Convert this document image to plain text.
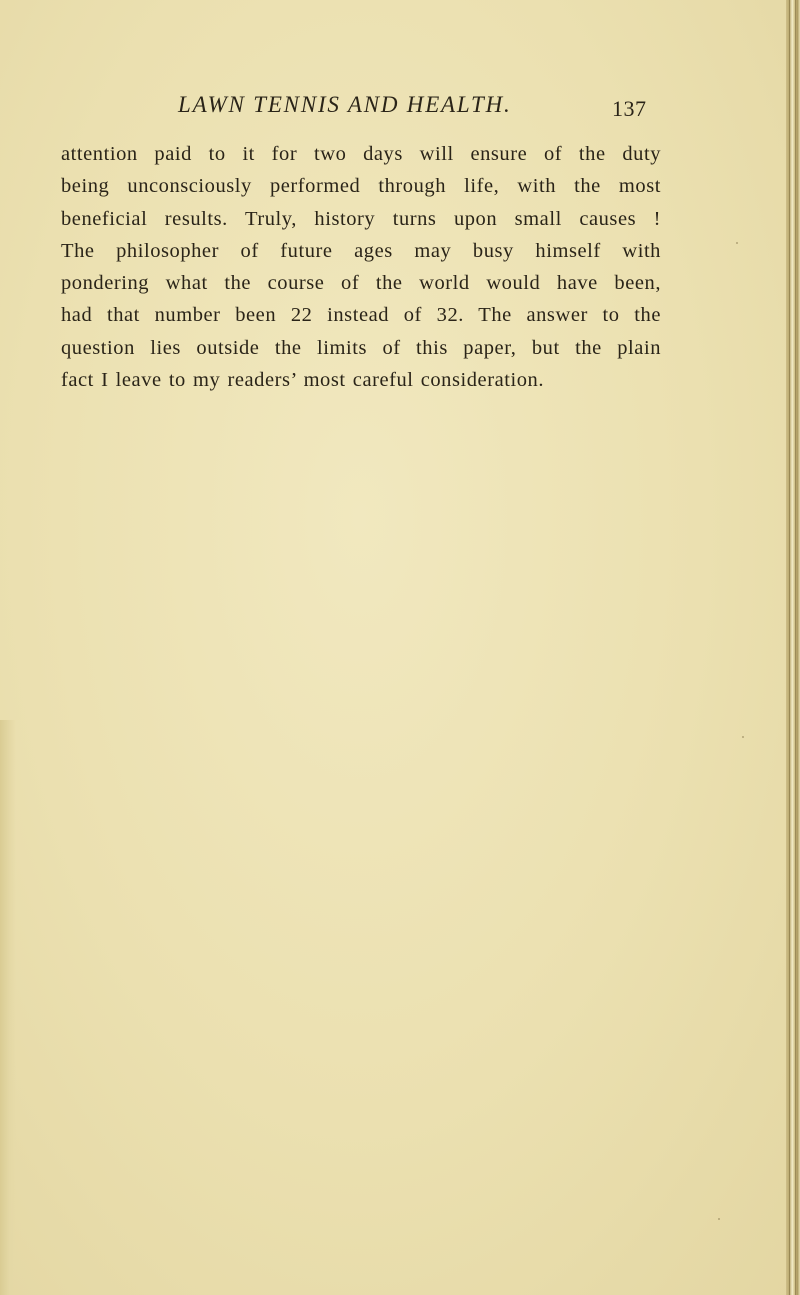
LAWN TENNIS AND HEALTH.	137

attention paid to it for two days will ensure of the duty
being unconsciously performed through life, with the most
beneficial results. Truly, history turns upon small causes !
The philosopher of future ages may busy himself with
pondering what the course of the world would have been,
had that number been 22 instead of 32. The answer to the
question lies outside the limits of this paper, but the plain
fact I leave to my readers’ most careful consideration.
